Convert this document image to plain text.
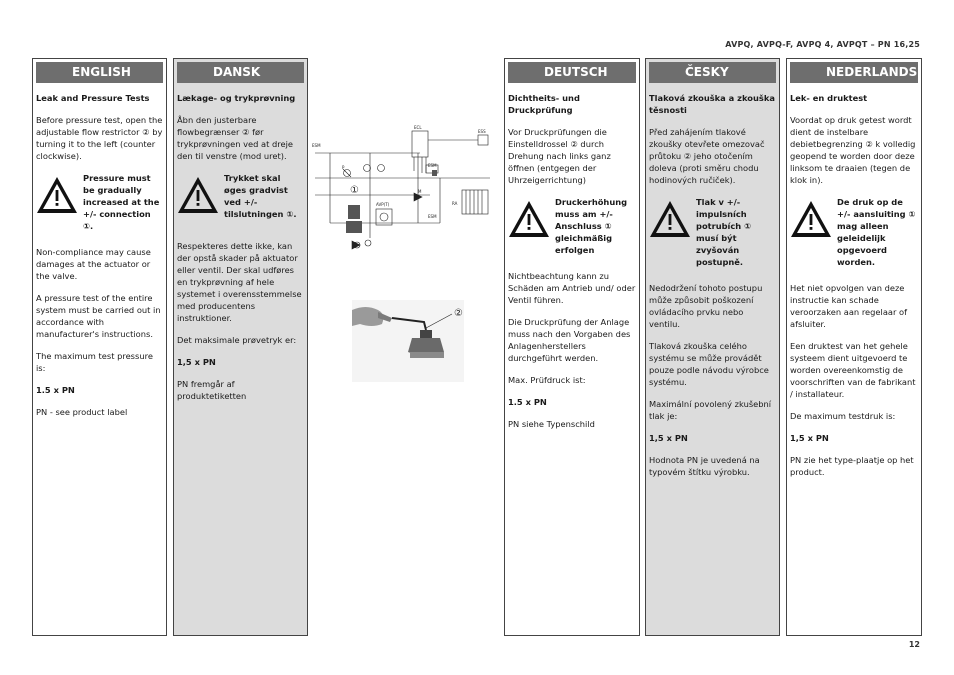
AVPQ, AVPQ-F, AVPQ 4, AVPQT – PN 16,25
ENGLISH

Leak and Pressure Tests

Before pressure test, open the adjustable flow restrictor ② by turning it to the left (counter clockwise).

Pressure must be gradually increased at the +/- connection ①.

Non-compliance may cause damages at the actuator or the valve.

A pressure test of the entire system must be carried out in accordance with manufacturer's instructions.

The maximum test pressure is:

1.5 x PN

PN - see product label

DANSK

Lækage- og trykprøvning

Åbn den justerbare flowbegrænser ② før trykprøvningen ved at dreje den til venstre (mod uret).

Trykket skal øges gradvist ved +/- tilslutningen ①.

Respekteres dette ikke, kan der opstå skader på aktuator eller ventil. Der skal udføres en trykprøvning af hele systemet i overensstemmelse med producentens instruktioner.

Det maksimale prøvetryk er:

1,5 x PN

PN fremgår af produktetiketten

ECL
ESS
ESM
ESM
ESM
P
AVP(T)	RA
M
①
②
DEUTSCH

Dichtheits- und Druckprüfung

Vor Druckprüfungen die Einstelldrossel ② durch Drehung nach links ganz öffnen (entgegen der Uhrzeigerrichtung)

Druckerhöhung muss am +/- Anschluss ① gleichmäßig erfolgen

Nichtbeachtung kann zu Schäden am Antrieb und/ oder Ventil führen.

Die Druckprüfung der Anlage muss nach den Vorgaben des Anlagenherstellers durchgeführt werden.

Max. Prüfdruck ist:

1.5 x PN

PN siehe Typenschild

ČESKY

Tlaková zkouška a zkouška těsnosti

Před zahájením tlakové zkoušky otevřete omezovač průtoku ② jeho otočením doleva (proti směru chodu hodinových ručiček).

Tlak v +/- impulsních potrubích ① musí být zvyšován postupně.

Nedodržení tohoto postupu může způsobit poškození ovládacího prvku nebo ventilu.

Tlaková zkouška celého systému se může provádět pouze podle návodu výrobce systému.

Maximální povolený zkušební tlak je:

1,5 x PN

Hodnota PN je uvedená na typovém štítku výrobku.

NEDERLANDS

Lek- en druktest

Voordat op druk getest wordt dient de instelbare debietbegrenzing ② k volledig geopend te worden door deze linksom te draaien (tegen de klok in).

De druk op de +/- aansluiting ① mag alleen geleidelijk opgevoerd worden.

Het niet opvolgen van deze instructie kan schade veroorzaken aan regelaar of afsluiter.

Een druktest van het gehele systeem dient uitgevoerd te worden overeenkomstig de voorschriften van de fabrikant / installateur.

De maximum testdruk is:

1,5 x PN

PN zie het type-plaatje op het product.

12
